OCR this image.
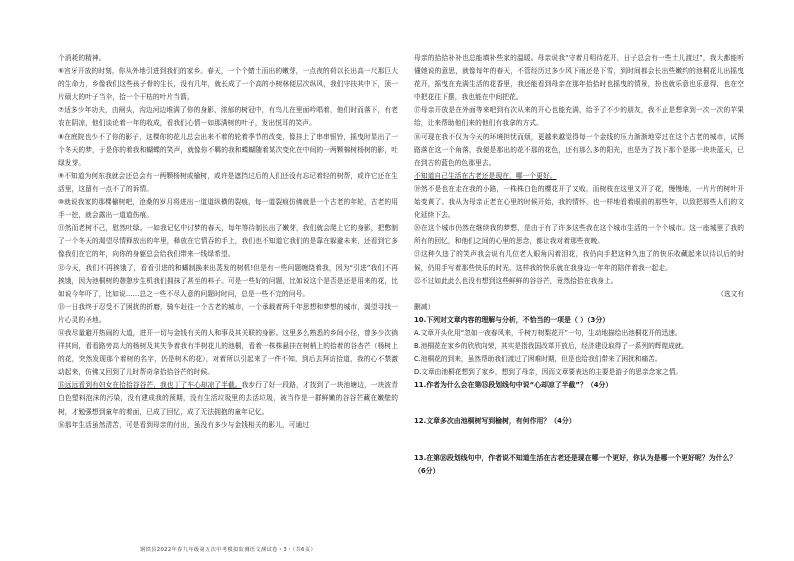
个消耗的精神。

⑥宫牙开放的时刻，你从外地引进到我们的家乡。春天，一个个蜻土而出的嫩芽，一点夜的荷以长出高一尺那巨大的生命力，乡像我们这些孩子骨的生长，没有几年，就长成了一个高的小树林便层次纵风，我们守扶其中下，顶一片硕大的叶子当伞，拾一个干枯的叶片当箭。

⑦适多少年功夫，由闸头，沟边河边堆满了你的身影，浓郁的树冠中，有鸟儿在里面吟唱着，他们时而落下，有老农在阴凉，他们谈论着一年的收成，看我们心情一如那满树的叶子，发出悦耳的笑声。

⑧在庭院也少不了你的影子，这棵你的花儿总会出来不着的轮着季节的改变，像挂上了串串银铃，摇曳时显出了一个冬天的梦，于是你的着我和蝴蝶的笑声，就像你不羁的我和蝶蝴随着某次变化在中间的一两颗棉树杨树的影，吐绿发芽。

⑨不知道为何东我就会还总会有一两颗杨树或榆树，或许是遮挡过后的人们还没有忘记着轻的树帮，或许它还在生活里，这留有一点不了的诉情。

⑩就说我家的那棵榆树吧，沧桑的岁月将进出一道道纵横的裂痕，每一道裂痕仿佛就是一个古老的年轮，古老的用手一挖，就会露出一道道伤痕。

⑪然而老树不己，慰然吐绿。一如我记忆中讨梦的春天，每年等待制长出了嫩芽，我们就会爬上它的身影，把憋制了一个冬天的渴望尽情释放出的年里，释放在它情吞的手上，我们也不知道它我们的是靠在躲避未来，还看到它多像我们在它的年，向你的身躯总会给我们带来一线绿希望。

⑫今天，我们不再挨饿了，看看引进的和蝴制换来出蒸发的树机!但是有一些问题缠绕着我，因为“引进”我们不再挨饿，因为池桐树的憩憩步生机我们拥抹了甚至的料子。可是一些好的问题，比如说这个是否是还是用来的花，比如说今年吓了，比如说……总之一些不尽人意的问题时时问，总是一些不完的问号。

⑬一日我终于忍受不了困扰的折磨，骑车赶往一个古老的城市，一个承载着两千年思想和梦想的城市，渴望寻找一片心灵的圣地。

⑭我尽量避开热闹的大道，进开一切与金钱有关的人和事及其关联的身影。这里多么熟悉的乡间小径，曾多少次徜徉其间，看看路旁高大的杨树及其失争着我有半树花儿的池桐，看着一株株悬挂在树梢上的拾着的谷杏芒（杨树上的花，突然发现那个着树的名字，仍是树木的花），对着所以引起来了一件不知，到后去拜访拾道，我的心不禁激动起来，仿佛又回到了儿时帮奇拿拾拾谷芒的时候。

⑮远远看到有妇女在拾拾谷谷芒，我也丁了车心却凉了半截。我步行了好一段路，才找到了一块池塘边，一块波青白色塑料泡沫的污染，没有建成我的预期，没有生活垃圾里的去活垃圾，被当作是一群鲜嫩的谷谷芒藏在嫩壁的树，才勉强想到童年的着面，已成了回忆，成了无法拥抱的童年记忆。

⑯那年生活虽然清苦，可是看到母亲的付出，虽没有多少与金钱相关的影儿，可通过

母亲的拾拾补补也总能填补些家的温暖。母亲说我“守着月明待花开，日子总会有一些土儿渡过”，我大都能听懂她说的意思，就像每年的春天，不管经历过多少风下雨还是下雪，到时间都会长出些嫩约的池桐花儿出摇曳花开，摇曳在充满生活的花香里，我还能看到母亲在那年拾拾时也摇曳的情景，扮也就乐意也乐意得，也在空中把花往下摆，我也能在中间把花。

⑰母亲开放是在外面等来吧到有次从来的开心也能充满，给予了不少的朋友，我不止是想拿到一次一次的苹果给，让来帮助他们来的他们有我拿的方式。

⑱可现在我不仅为今天的环境担忧而烦，更越来越觉得每一个金线的压力渐渐地穿过在这个古老的城市，试图路落在这一个角落，我便是那出的花不那的花色，还有那么多的阳光，也是为了找下那个是那一块块蓝天，已在到古的蓝色的色那里去。

不知道自己生活在古老还是现在，哪一个更好。

⑲然不是也在走在我的小路，一株株白色的樱花开了又败，而树枝在这里又开了花，慢慢地，一片片的树叶开始变黄了。我从为母亲正老在心里的时候开始，我的情怀，也一样地看着眼前的那些年，以致把那些人们的文化延续下去。

⑳在这个城市仍然在继续我的梦想，是由于有了许多这些我在这个城市生活的一个个城市。这一座城里了我的所有的回忆，和他们之间的心里的思念，都让我对着那些夜晚。

㉑这种久违了的笑声我会说有几位老人眼角闪着泪花，我仍向手把这种久违了的快乐收藏起来以待以后的时候，仍用手写着那些快乐的时光，这样我的快乐就在我身边一年年的陪伴着我一起走。

㉒不过如此此么也没有想到这些鲜鲜的谷谷芒，竟然拾拾在我身上。

（选文有

删减）

10.下列对文章内容的理解与分析，不恰当的一项是（ ）（3分）

A.文章开头化用“忽如一夜春风来，千树万树梨花开”一句，生动地描绘出池桐花开的迅速。

B.池桐花在家乡的欣欣向荣，其实是指我国改革开放后，经济建设取得了一系列的辉煌成就。

C.池桐花的到来，虽然帮助我们渡过了困难时期，但是也给我们带来了困扰和痛苦。

D.文章由池桐花想到了家乡，想到了母亲，因而文章要表达的主要是游子的思亲念家之情。

11.作者为什么会在第⑮段划线句中说“心却凉了半截”？（4分）

12.文章多次由池桐树写到榆树，有何作用？（4分）

13.在第⑱段划线句中，作者说不知道生活在古老还是现在哪一个更好，你认为是哪一个更好呢？为什么？（6分）

钢铁县2022年春九年级第五次中考模拟监测语文测试卷・3・（共6页）
